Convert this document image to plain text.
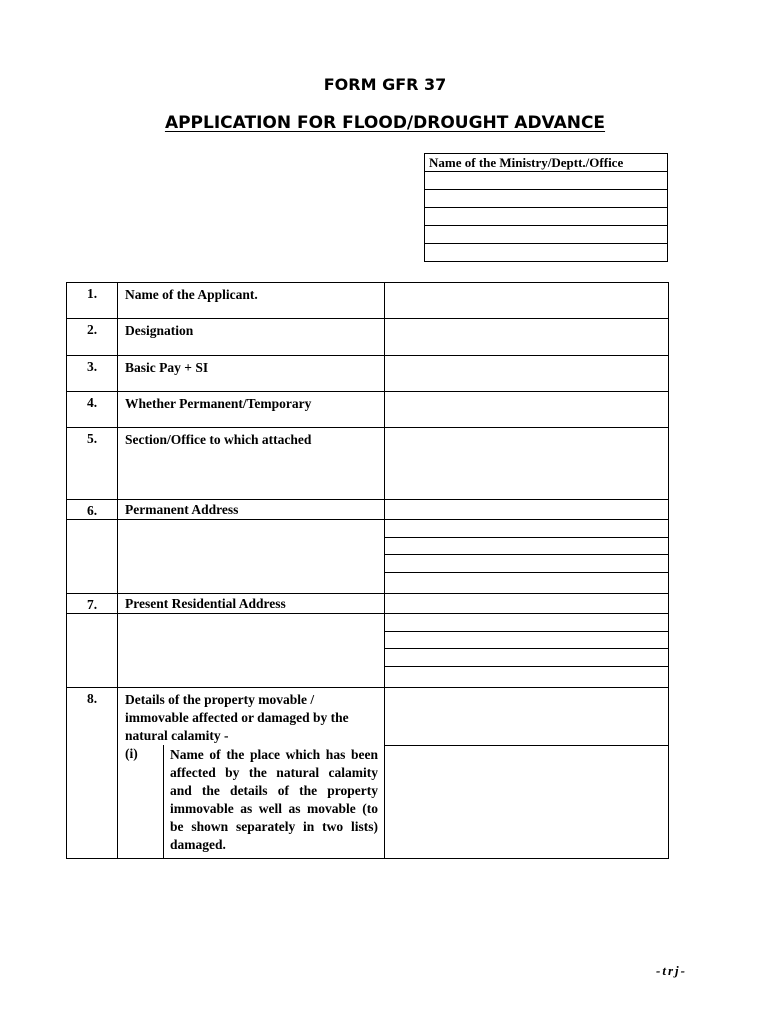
FORM GFR 37
APPLICATION FOR FLOOD/DROUGHT ADVANCE
Name of the Ministry/Deptt./Office

1.	Name of the Applicant.	
2.	Designation	
3.	Basic Pay + SI	
4.	Whether Permanent/Temporary	
5.	Section/Office to which attached	
6.	Permanent Address	

7.	Present Residential Address	

8.	Details of the property movable / immovable affected or damaged by the natural calamity -	

(i)	Name of the place which has been affected by the natural calamity and the details of the property immovable as well as movable (to be shown separately in two lists) damaged.

-trj-
